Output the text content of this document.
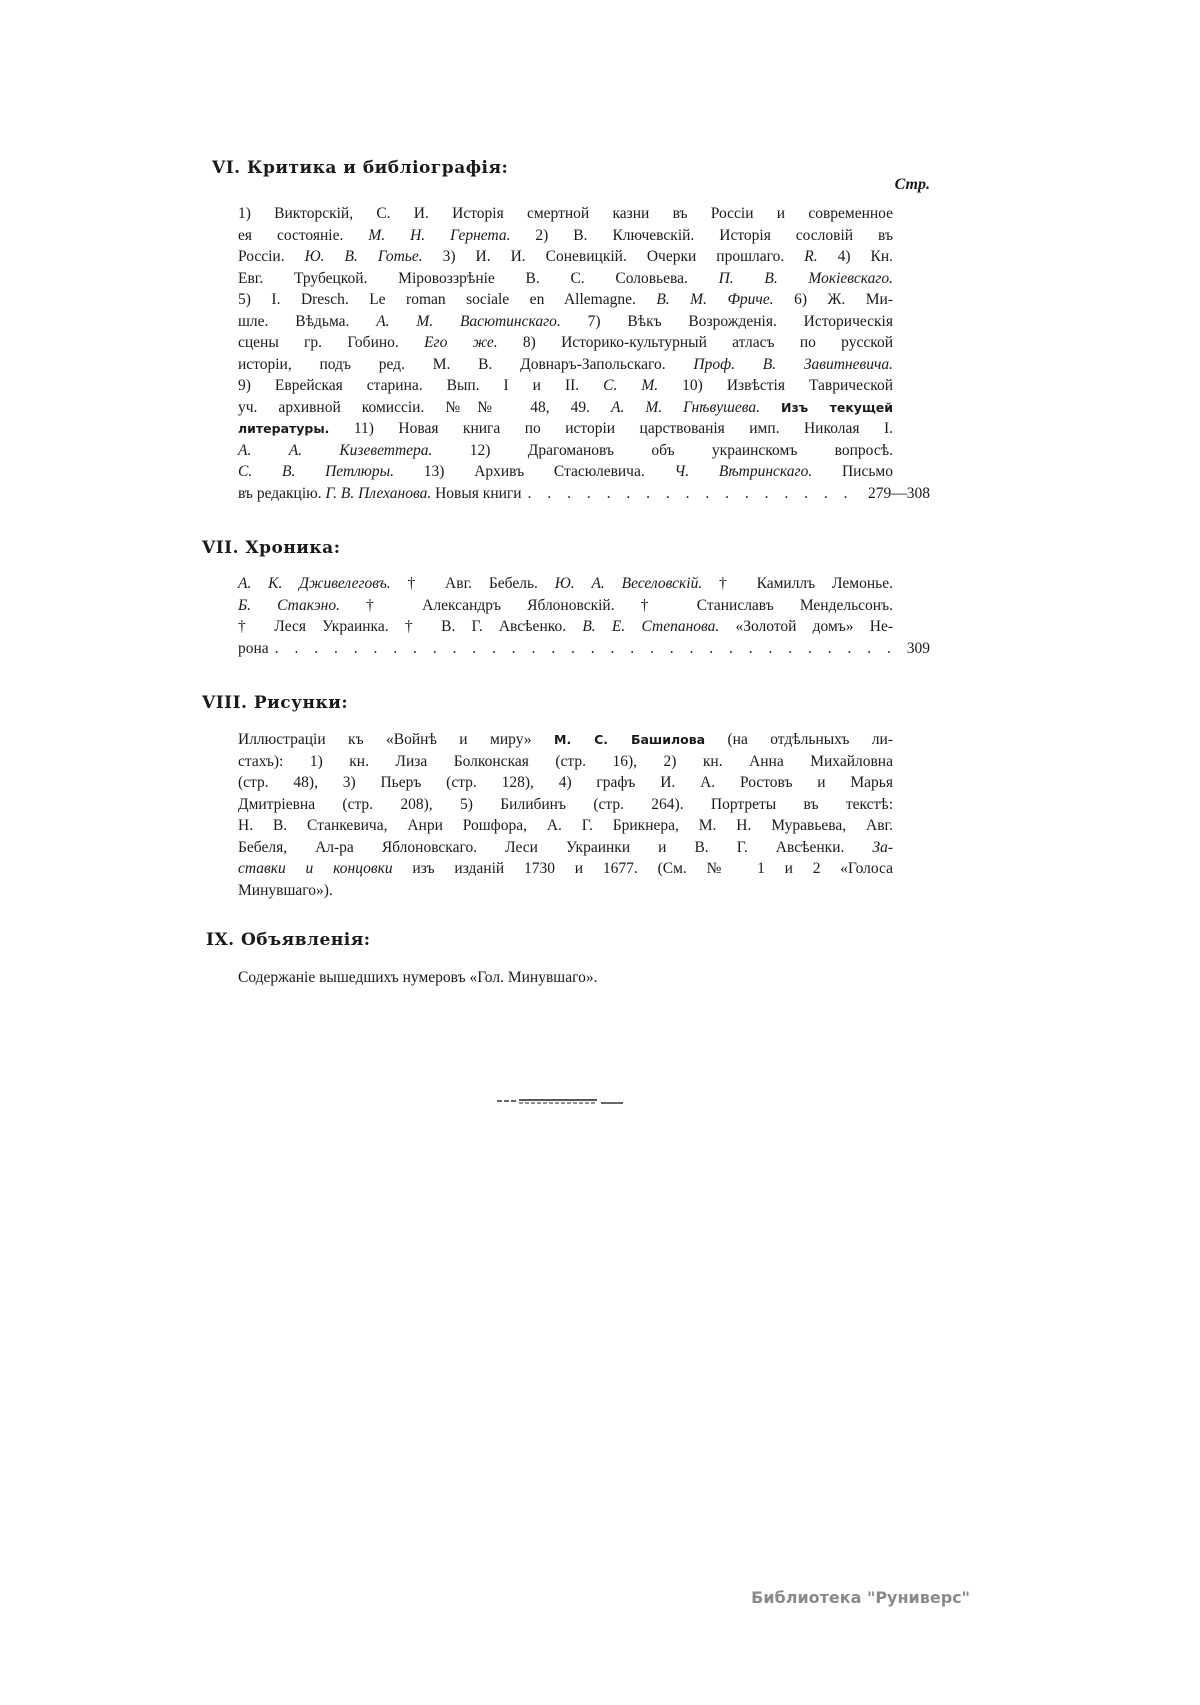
VI. Критика и библіографія:
Стр.
1) Викторскій, С. И. Исторія смертной казни въ Россіи и современное
ея состояніе. М. Н. Гернета. 2) В. Ключевскій. Исторія сословій въ
Россіи. Ю. В. Готье. 3) И. И. Соневицкій. Очерки прошлаго. R. 4) Кн.
Евг. Трубецкой. Міровоззрѣніе В. С. Соловьева. П. В. Мокіевскаго.
5) I. Dresch. Le roman sociale en Allemagne. В. М. Фриче. 6) Ж. Ми-
шле. Вѣдьма. А. М. Васютинскаго. 7) Вѣкъ Возрожденія. Историческія
сцены гр. Гобино. Его же. 8) Историко-культурный атласъ по русской
исторіи, подъ ред. М. В. Довнаръ-Запольскаго. Проф. В. Завитневича.
9) Еврейская старина. Вып. I и II. С. М. 10) Извѣстія Таврической
уч. архивной комиссіи. №№ 48, 49. А. М. Гнѣвушева. Изъ текущей
литературы. 11) Новая книга по исторіи царствованія имп. Николая I.
А. А. Кизеветтера. 12) Драгомановъ объ украинскомъ вопросѣ.
С. В. Петлюры. 13) Архивъ Стасюлевича. Ч. Вѣтринскаго. Письмо
въ редакцію. Г. В. Плеханова. Новыя книги . . .	279—308
VII. Хроника:
А. К. Дживелеговъ. † Авг. Бебель. Ю. А. Веселовскій. † Камиллъ Лемонье.
Б. Стакэно. † Александръ Яблоновскій. † Станиславъ Мендельсонъ.
† Леся Украинка. † В. Г. Авсѣенко. В. Е. Степанова. «Золотой домъ» Не-
рона . . .	309
VIII. Рисунки:
Иллюстраціи къ «Войнѣ и миру» М. С. Башилова (на отдѣльныхъ ли-
стахъ): 1) кн. Лиза Болконская (стр. 16), 2) кн. Анна Михайловна
(стр. 48), 3) Пьеръ (стр. 128), 4) графъ И. А. Ростовъ и Марья
Дмитріевна (стр. 208), 5) Билибинъ (стр. 264). Портреты въ текстѣ:
Н. В. Станкевича, Анри Рошфора, А. Г. Брикнера, М. Н. Муравьева, Авг.
Бебеля, Ал-ра Яблоновскаго. Леси Украинки и В. Г. Авсѣенки. За-
ставки и концовки изъ изданій 1730 и 1677. (См. № 1 и 2 «Голоса
Минувшаго»).
IX. Объявленія:
Содержаніе вышедшихъ нумеровъ «Гол. Минувшаго».
Библиотека "Руниверс"
